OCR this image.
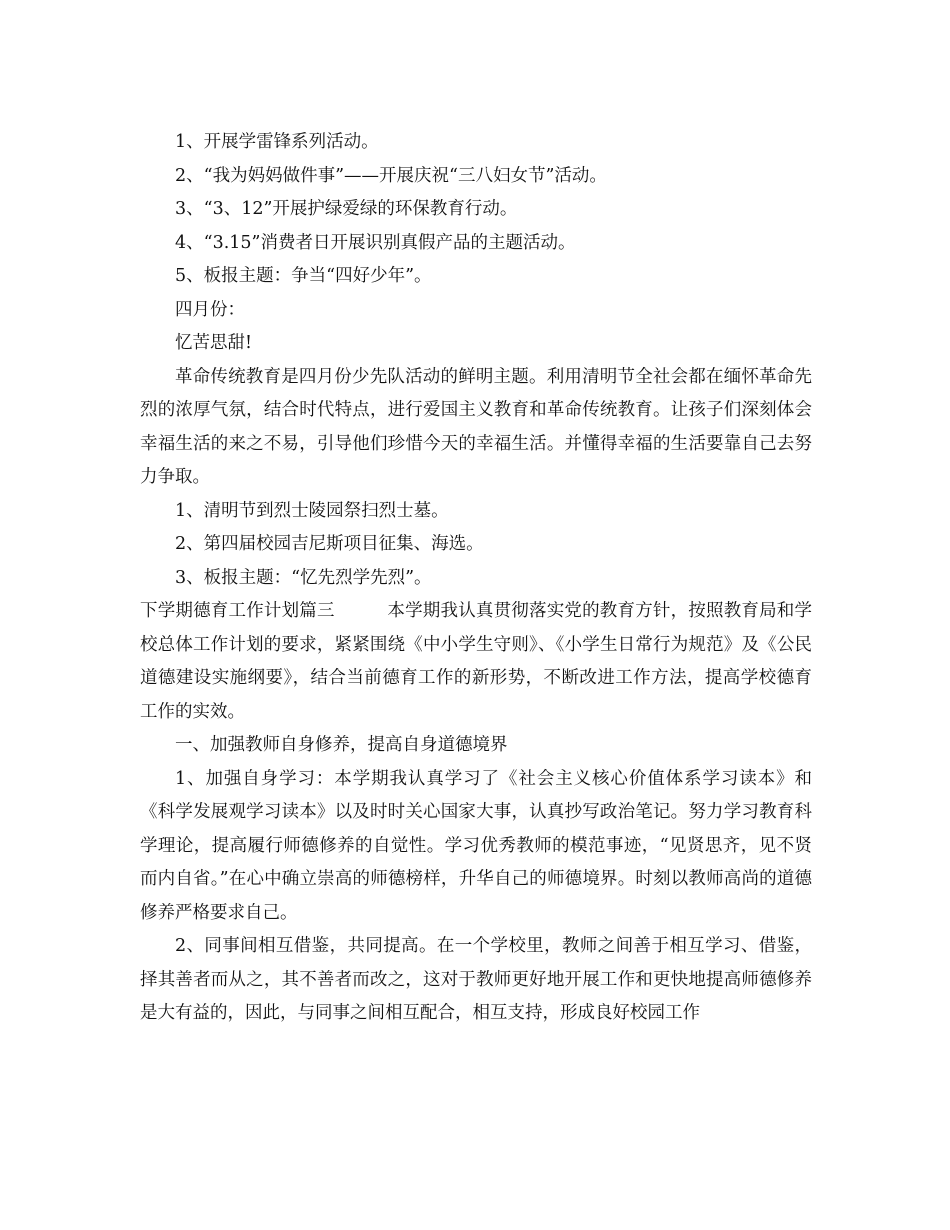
1、开展学雷锋系列活动。

2、“我为妈妈做件事”——开展庆祝“三八妇女节”活动。

3、“3、12”开展护绿爱绿的环保教育行动。

4、“3.15”消费者日开展识别真假产品的主题活动。

5、板报主题：争当“四好少年”。

四月份：

忆苦思甜!

革命传统教育是四月份少先队活动的鲜明主题。利用清明节全社会都在缅怀革命先烈的浓厚气氛，结合时代特点，进行爱国主义教育和革命传统教育。让孩子们深刻体会幸福生活的来之不易，引导他们珍惜今天的幸福生活。并懂得幸福的生活要靠自己去努力争取。

1、清明节到烈士陵园祭扫烈士墓。

2、第四届校园吉尼斯项目征集、海选。

3、板报主题：“忆先烈学先烈”。

下学期德育工作计划篇三	本学期我认真贯彻落实党的教育方针，按照教育局和学校总体工作计划的要求，紧紧围绕《中小学生守则》、《小学生日常行为规范》及《公民道德建设实施纲要》，结合当前德育工作的新形势，不断改进工作方法，提高学校德育工作的实效。

一、加强教师自身修养，提高自身道德境界

1、加强自身学习：本学期我认真学习了《社会主义核心价值体系学习读本》和《科学发展观学习读本》以及时时关心国家大事，认真抄写政治笔记。努力学习教育科学理论，提高履行师德修养的自觉性。学习优秀教师的模范事迹，“见贤思齐，见不贤而内自省。”在心中确立崇高的师德榜样，升华自己的师德境界。时刻以教师高尚的道德修养严格要求自己。

2、同事间相互借鉴，共同提高。在一个学校里，教师之间善于相互学习、借鉴，择其善者而从之，其不善者而改之，这对于教师更好地开展工作和更快地提高师德修养是大有益的，因此，与同事之间相互配合，相互支持，形成良好校园工作
